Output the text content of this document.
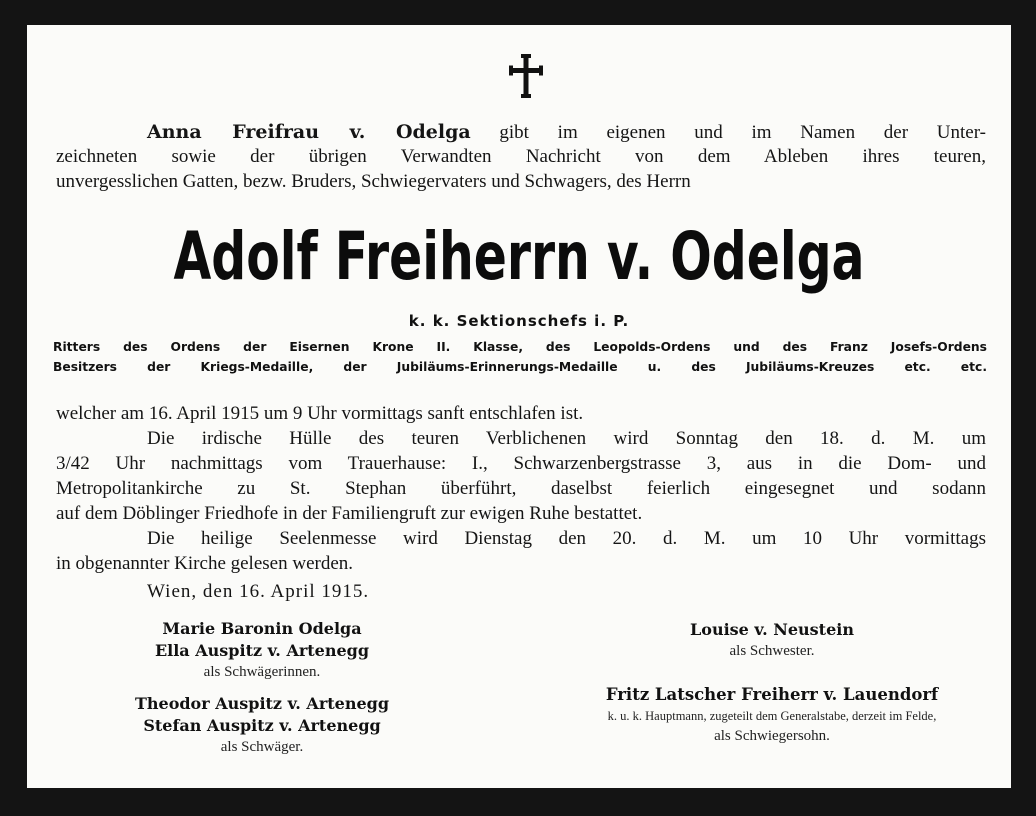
Anna Freifrau v. Odelga gibt im eigenen und im Namen der Unter-
zeichneten sowie der übrigen Verwandten Nachricht von dem Ableben ihres teuren,
unvergesslichen Gatten, bezw. Bruders, Schwiegervaters und Schwagers, des Herrn
Adolf Freiherrn v. Odelga
k. k. Sektionschefs i. P.
Ritters des Ordens der Eisernen Krone II. Klasse, des Leopolds-Ordens und des Franz Josefs-Ordens
Besitzers der Kriegs-Medaille, der Jubiläums-Erinnerungs-Medaille u. des Jubiläums-Kreuzes etc. etc.
welcher am 16. April 1915 um 9 Uhr vormittags sanft entschlafen ist.
Die irdische Hülle des teuren Verblichenen wird Sonntag den 18. d. M. um
3/42 Uhr nachmittags vom Trauerhause: I., Schwarzenbergstrasse 3, aus in die Dom- und
Metropolitankirche zu St. Stephan überführt, daselbst feierlich eingesegnet und sodann
auf dem Döblinger Friedhofe in der Familiengruft zur ewigen Ruhe bestattet.
Die heilige Seelenmesse wird Dienstag den 20. d. M. um 10 Uhr vormittags
in obgenannter Kirche gelesen werden.
Wien, den 16. April 1915.
Marie Baronin Odelga
Ella Auspitz v. Artenegg
als Schwägerinnen.
Theodor Auspitz v. Artenegg
Stefan Auspitz v. Artenegg
als Schwäger.
Louise v. Neustein
als Schwester.
Fritz Latscher Freiherr v. Lauendorf
k. u. k. Hauptmann, zugeteilt dem Generalstabe, derzeit im Felde,
als Schwiegersohn.
